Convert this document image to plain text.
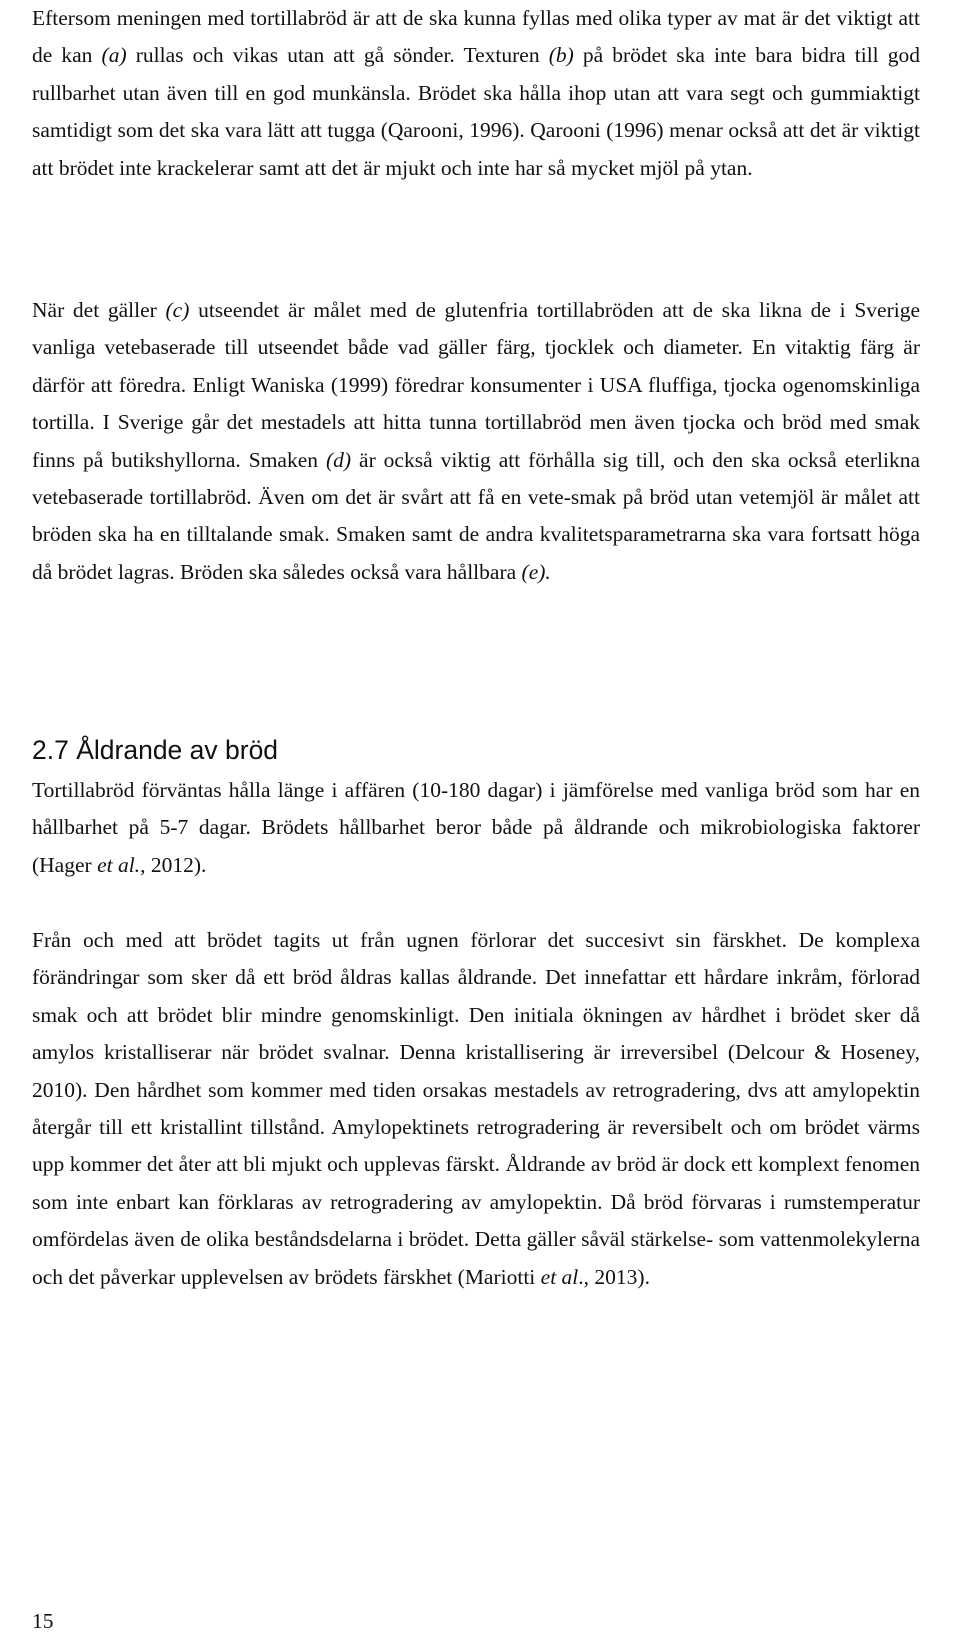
Eftersom meningen med tortillabröd är att de ska kunna fyllas med olika typer av mat är det viktigt att de kan (a) rullas och vikas utan att gå sönder. Texturen (b) på brödet ska inte bara bidra till god rullbarhet utan även till en god munkänsla. Brödet ska hålla ihop utan att vara segt och gummiaktigt samtidigt som det ska vara lätt att tugga (Qarooni, 1996). Qarooni (1996) menar också att det är viktigt att brödet inte krackelerar samt att det är mjukt och inte har så mycket mjöl på ytan.

När det gäller (c) utseendet är målet med de glutenfria tortillabröden att de ska likna de i Sverige vanliga vetebaserade till utseendet både vad gäller färg, tjocklek och diameter. En vitaktig färg är därför att föredra. Enligt Waniska (1999) föredrar konsumenter i USA fluffiga, tjocka ogenomskinliga tortilla. I Sverige går det mestadels att hitta tunna tortillabröd men även tjocka och bröd med smak finns på butikshyllorna. Smaken (d) är också viktig att förhålla sig till, och den ska också eterlikna vetebaserade tortillabröd. Även om det är svårt att få en vete-smak på bröd utan vetemjöl är målet att bröden ska ha en tilltalande smak. Smaken samt de andra kvalitetsparametrarna ska vara fortsatt höga då brödet lagras. Bröden ska således också vara hållbara (e).

2.7 Åldrande av bröd

Tortillabröd förväntas hålla länge i affären (10-180 dagar) i jämförelse med vanliga bröd som har en hållbarhet på 5-7 dagar. Brödets hållbarhet beror både på åldrande och mikrobiologiska faktorer (Hager et al., 2012).

Från och med att brödet tagits ut från ugnen förlorar det succesivt sin färskhet. De komplexa förändringar som sker då ett bröd åldras kallas åldrande. Det innefattar ett hårdare inkråm, förlorad smak och att brödet blir mindre genomskinligt. Den initiala ökningen av hårdhet i brödet sker då amylos kristalliserar när brödet svalnar. Denna kristallisering är irreversibel (Delcour & Hoseney, 2010). Den hårdhet som kommer med tiden orsakas mestadels av retrogradering, dvs att amylopektin återgår till ett kristallint tillstånd. Amylopektinets retrogradering är reversibelt och om brödet värms upp kommer det åter att bli mjukt och upplevas färskt. Åldrande av bröd är dock ett komplext fenomen som inte enbart kan förklaras av retrogradering av amylopektin. Då bröd förvaras i rumstemperatur omfördelas även de olika beståndsdelarna i brödet. Detta gäller såväl stärkelse- som vattenmolekylerna och det påverkar upplevelsen av brödets färskhet (Mariotti et al., 2013).

15
